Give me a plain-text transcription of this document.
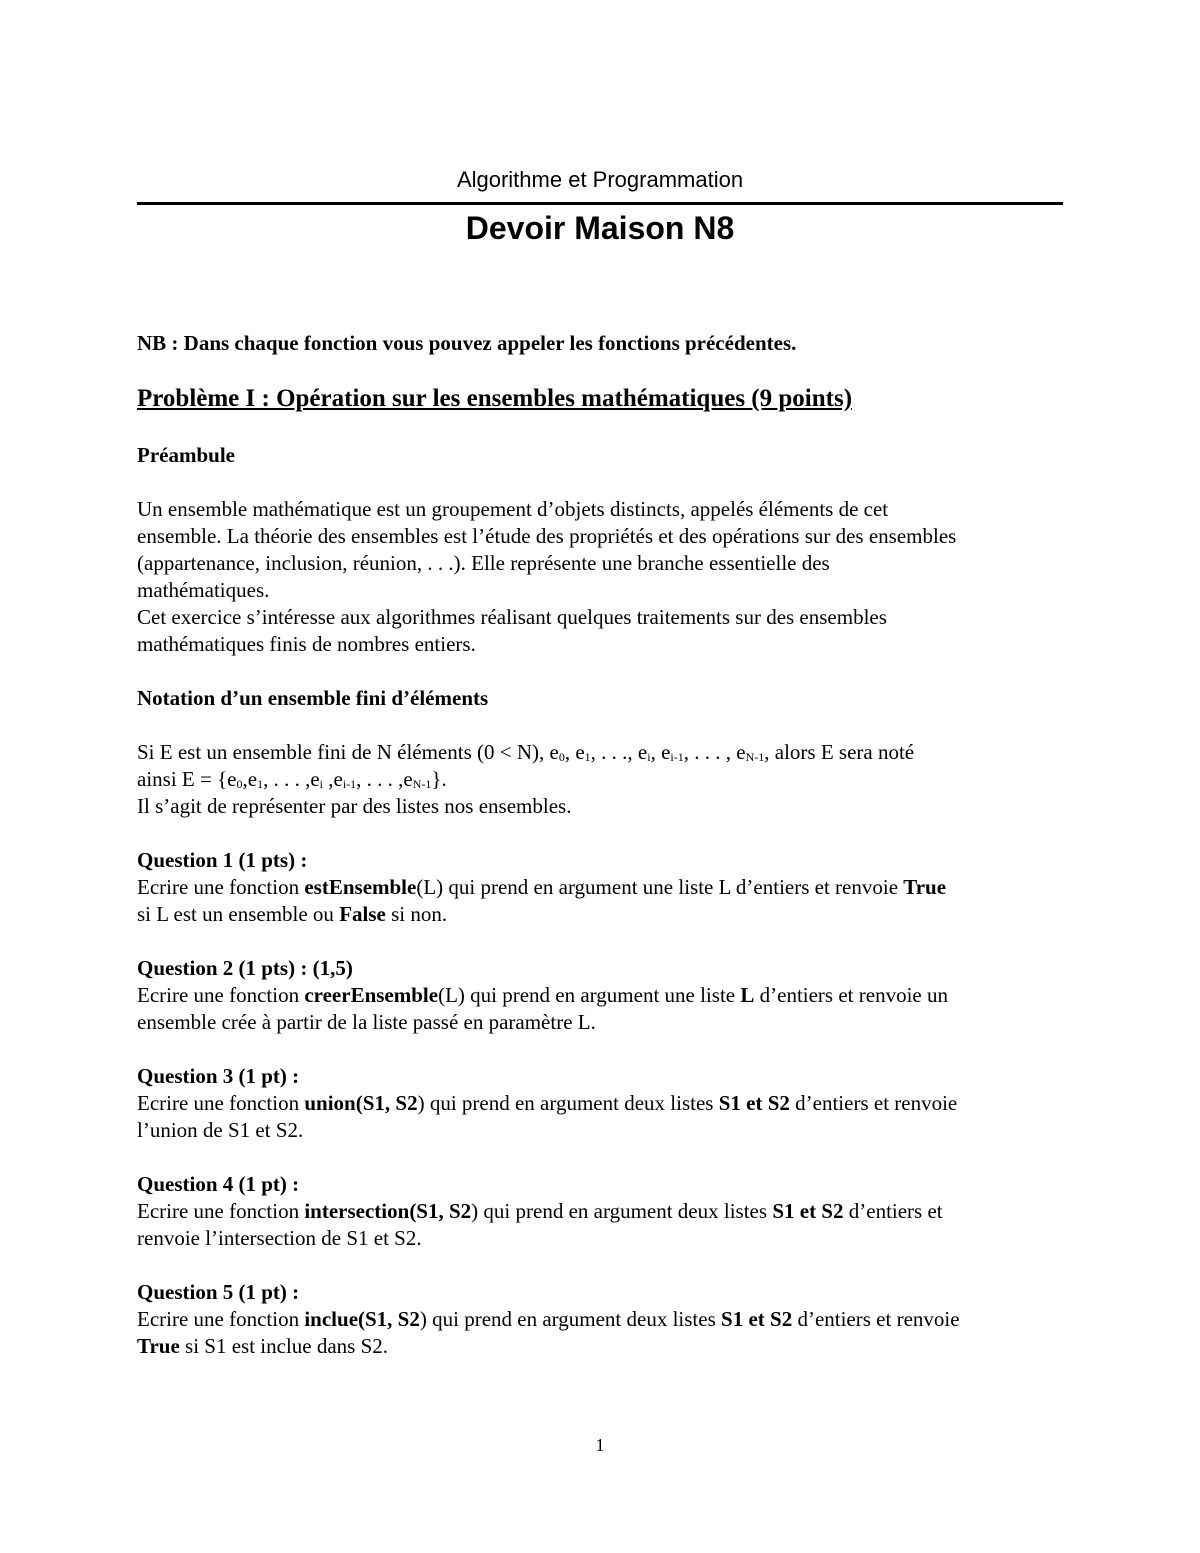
Algorithme et Programmation
Devoir Maison N8

NB : Dans chaque fonction vous pouvez appeler les fonctions précédentes.

Problème I : Opération sur les ensembles mathématiques (9 points)

Préambule

Un ensemble mathématique est un groupement d’objets distincts, appelés éléments de cet

ensemble. La théorie des ensembles est l’étude des propriétés et des opérations sur des ensembles

(appartenance, inclusion, réunion, . . .). Elle représente une branche essentielle des

mathématiques.

Cet exercice s’intéresse aux algorithmes réalisant quelques traitements sur des ensembles

mathématiques finis de nombres entiers.

Notation d’un ensemble fini d’éléments

Si E est un ensemble fini de N éléments (0 < N), $e_0$, $e_1$, . . ., $e_i$, $e_{i-1}$, . . . , $e_{N-1}$, alors E sera noté

ainsi $E = \{e_0,e_1$, . . . $,e_i$ $,e_{i-1}$, . . . $,e_{N-1}$}.

Il s’agit de représenter par des listes nos ensembles.

Question 1 (1 pts) :

Ecrire une fonction estEnsemble(L) qui prend en argument une liste L d’entiers et renvoie True

si L est un ensemble ou False si non.

Question 2 (1 pts) : (1,5)

Ecrire une fonction creerEnsemble(L) qui prend en argument une liste L d’entiers et renvoie un

ensemble crée à partir de la liste passé en paramètre L.

Question 3 (1 pt) :

Ecrire une fonction union(S1, S2) qui prend en argument deux listes S1 et S2 d’entiers et renvoie

l’union de S1 et S2.

Question 4 (1 pt) :

Ecrire une fonction intersection(S1, S2) qui prend en argument deux listes S1 et S2 d’entiers et

renvoie l’intersection de S1 et S2.

Question 5 (1 pt) :

Ecrire une fonction inclue(S1, S2) qui prend en argument deux listes S1 et S2 d’entiers et renvoie

True si S1 est inclue dans S2.

1
